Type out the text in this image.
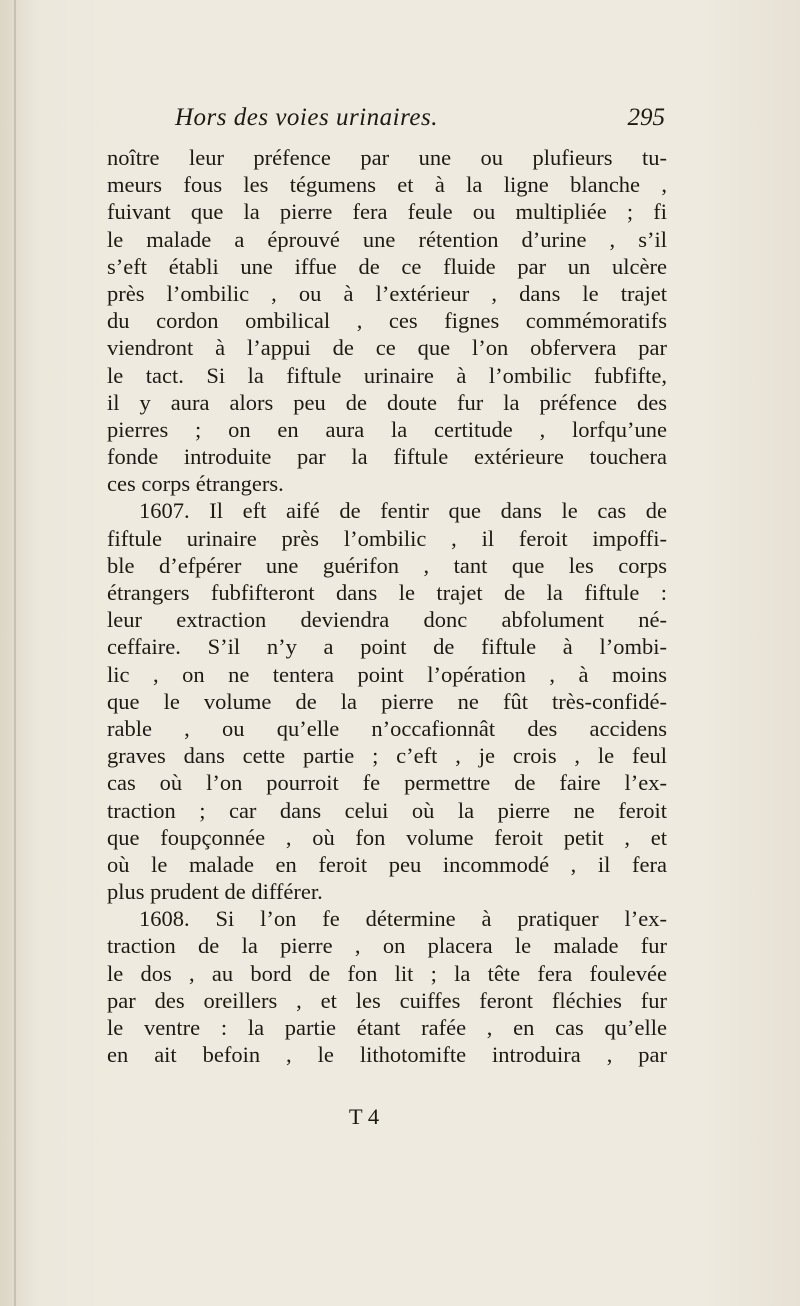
Hors des voies urinaires.	295
noître leur préfence par une ou plufieurs tu-
meurs fous les tégumens et à la ligne blanche ,
fuivant que la pierre fera feule ou multipliée ; fi
le malade a éprouvé une rétention d’urine , s’il
s’eft établi une iffue de ce fluide par un ulcère
près l’ombilic , ou à l’extérieur , dans le trajet
du cordon ombilical , ces fignes commémoratifs
viendront à l’appui de ce que l’on obfervera par
le tact. Si la fiftule urinaire à l’ombilic fubfifte,
il y aura alors peu de doute fur la préfence des
pierres ; on en aura la certitude , lorfqu’une
fonde introduite par la fiftule extérieure touchera
ces corps étrangers.
1607. Il eft aifé de fentir que dans le cas de
fiftule urinaire près l’ombilic , il feroit impoffi-
ble d’efpérer une guérifon , tant que les corps
étrangers fubfifteront dans le trajet de la fiftule :
leur extraction deviendra donc abfolument né-
ceffaire. S’il n’y a point de fiftule à l’ombi-
lic , on ne tentera point l’opération , à moins
que le volume de la pierre ne fût très-confidé-
rable , ou qu’elle n’occafionnât des accidens
graves dans cette partie ; c’eft , je crois , le feul
cas où l’on pourroit fe permettre de faire l’ex-
traction ; car dans celui où la pierre ne feroit
que foupçonnée , où fon volume feroit petit , et
où le malade en feroit peu incommodé , il fera
plus prudent de différer.
1608. Si l’on fe détermine à pratiquer l’ex-
traction de la pierre , on placera le malade fur
le dos , au bord de fon lit ; la tête fera foulevée
par des oreillers , et les cuiffes feront fléchies fur
le ventre : la partie étant rafée , en cas qu’elle
en ait befoin , le lithotomifte introduira , par
T 4
